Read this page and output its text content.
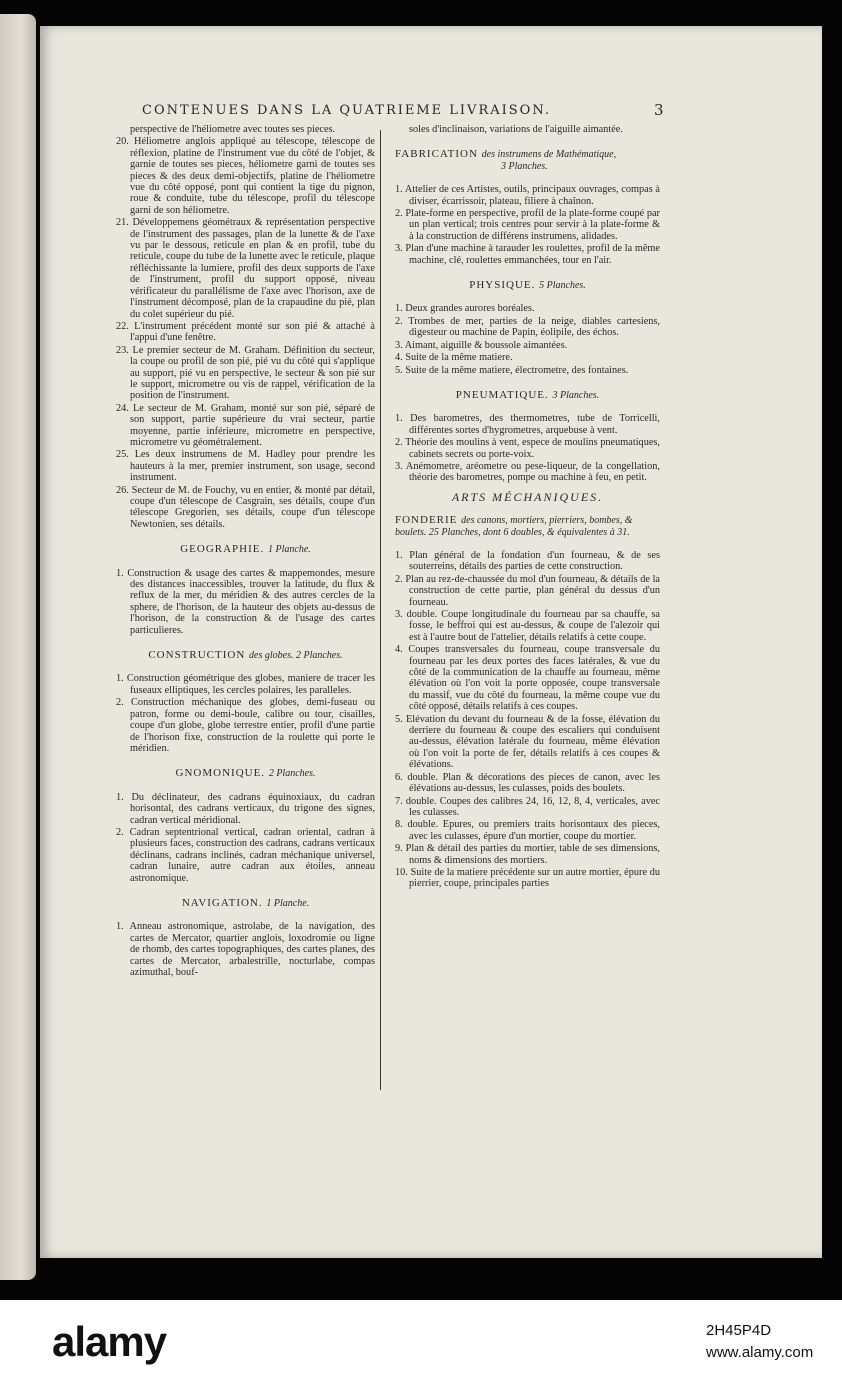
CONTENUES DANS LA QUATRIEME LIVRAISON.	3

perspective de l'héliometre avec toutes ses pieces.

20. Héliometre anglois appliqué au télescope, télescope de réflexion, platine de l'instrument vue du côté de l'objet, & garnie de toutes ses pieces, héliometre garni de toutes ses pieces & des deux demi-objectifs, platine de l'héliometre vue du côté opposé, pont qui contient la tige du pignon, roue & conduite, tube du télescope, profil du télescope garni de son héliometre.

21. Développemens géométraux & représentation perspective de l'instrument des passages, plan de la lunette & de l'axe vu par le dessous, reticule en plan & en profil, tube du reticule, coupe du tube de la lunette avec le reticule, plaque réfléchissante la lumiere, profil des deux supports de l'axe de l'instrument, profil du support opposé, niveau vérificateur du parallélisme de l'axe avec l'horison, axe de l'instrument décomposé, plan de la crapaudine du pié, plan du colet supérieur du pié.

22. L'instrument précédent monté sur son pié & attaché à l'appui d'une fenêtre.

23. Le premier secteur de M. Graham. Définition du secteur, la coupe ou profil de son pié, pié vu du côté qui s'applique au support, pié vu en perspective, le secteur & son pié sur le support, micrometre ou vis de rappel, vérification de la position de l'instrument.

24. Le secteur de M. Graham, monté sur son pié, séparé de son support, partie supérieure du vrai secteur, partie moyenne, partie inférieure, micrometre en perspective, micrometre vu géométralement.

25. Les deux instrumens de M. Hadley pour prendre les hauteurs à la mer, premier instrument, son usage, second instrument.

26. Secteur de M. de Fouchy, vu en entier, & monté par détail, coupe d'un télescope de Casgrain, ses détails, coupe d'un télescope Gregorien, ses détails, coupe d'un télescope Newtonien, ses détails.

GEOGRAPHIE. 1 Planche.

1. Construction & usage des cartes & mappemondes, mesure des distances inaccessibles, trouver la latitude, du flux & reflux de la mer, du méridien & des autres cercles de la sphere, de l'horison, de la hauteur des objets au-dessus de l'horison, de la construction & de l'usage des cartes particulieres.

CONSTRUCTION des globes. 2 Planches.

1. Construction géométrique des globes, maniere de tracer les fuseaux elliptiques, les cercles polaires, les paralleles.

2. Construction méchanique des globes, demi-fuseau ou patron, forme ou demi-boule, calibre ou tour, cisailles, coupe d'un globe, globe terrestre entier, profil d'une partie de l'horison fixe, construction de la roulette qui porte le méridien.

GNOMONIQUE. 2 Planches.

1. Du déclinateur, des cadrans équinoxiaux, du cadran horisontal, des cadrans verticaux, du trigone des signes, cadran vertical méridional.

2. Cadran septentrional vertical, cadran oriental, cadran à plusieurs faces, construction des cadrans, cadrans verticaux déclinans, cadrans inclinés, cadran méchanique universel, cadran lunaire, autre cadran aux étoiles, anneau astronomique.

NAVIGATION. 1 Planche.

1. Anneau astronomique, astrolabe, de la navigation, des cartes de Mercator, quartier anglois, loxodromie ou ligne de rhomb, des cartes topographiques, des cartes planes, des cartes de Mercator, arbalestrille, nocturlabe, compas azimuthal, bouf-

soles d'inclinaison, variations de l'aiguille aimantée.

FABRICATION des instrumens de Mathématique,
3 Planches.

1. Attelier de ces Artistes, outils, principaux ouvrages, compas à diviser, écarrissoir, plateau, filiere à chaînon.

2. Plate-forme en perspective, profil de la plate-forme coupé par un plan vertical; trois centres pour servir à la plate-forme & à la construction de différens instrumens, alidades.

3. Plan d'une machine à tarauder les roulettes, profil de la même machine, clé, roulettes emmanchées, tour en l'air.

PHYSIQUE. 5 Planches.

1. Deux grandes aurores boréales.

2. Trombes de mer, parties de la neige, diables cartesiens, digesteur ou machine de Papin, éolipile, des échos.

3. Aimant, aiguille & boussole aimantées.

4. Suite de la même matiere.

5. Suite de la même matiere, électrometre, des fontaines.

PNEUMATIQUE. 3 Planches.

1. Des barometres, des thermometres, tube de Torricelli, différentes sortes d'hygrometres, arquebuse à vent.

2. Théorie des moulins à vent, espece de moulins pneumatiques, cabinets secrets ou porte-voix.

3. Anémometre, aréometre ou pese-liqueur, de la congellation, théorie des barometres, pompe ou machine à feu, en petit.

ARTS MÉCHANIQUES.
FONDERIE des canons, mortiers, pierriers, bombes, & boulets. 25 Planches, dont 6 doubles, & équivalentes à 31.

1. Plan général de la fondation d'un fourneau, & de ses souterreins, détails des parties de cette construction.

2. Plan au rez-de-chaussée du mol d'un fourneau, & détails de la construction de cette partie, plan général du dessus d'un fourneau.

3. double. Coupe longitudinale du fourneau par sa chauffe, sa fosse, le beffroi qui est au-dessus, & coupe de l'alezoir qui est à l'autre bout de l'attelier, détails relatifs à cette coupe.

4. Coupes transversales du fourneau, coupe transversale du fourneau par les deux portes des faces latérales, & vue du côté de la communication de la chauffe au fourneau, même élévation où l'on voit la porte opposée, coupe transversale du massif, vue du côté du fourneau, la même coupe vue du côté opposé, détails relatifs à ces coupes.

5. Elévation du devant du fourneau & de la fosse, élévation du derriere du fourneau & coupe des escaliers qui conduisent au-dessus, élévation latérale du fourneau, même élévation où l'on voit la porte de fer, détails relatifs à ces coupes & élévations.

6. double. Plan & décorations des pieces de canon, avec les élévations au-dessus, les culasses, poids des boulets.

7. double. Coupes des calibres 24, 16, 12, 8, 4, verticales, avec les culasses.

8. double. Epures, ou premiers traits horisontaux des pieces, avec les culasses, épure d'un mortier, coupe du mortier.

9. Plan & détail des parties du mortier, table de ses dimensions, noms & dimensions des mortiers.

10. Suite de la matiere précédente sur un autre mortier, épure du pierrier, coupe, principales parties

alamy	2H45P4D
www.alamy.com
